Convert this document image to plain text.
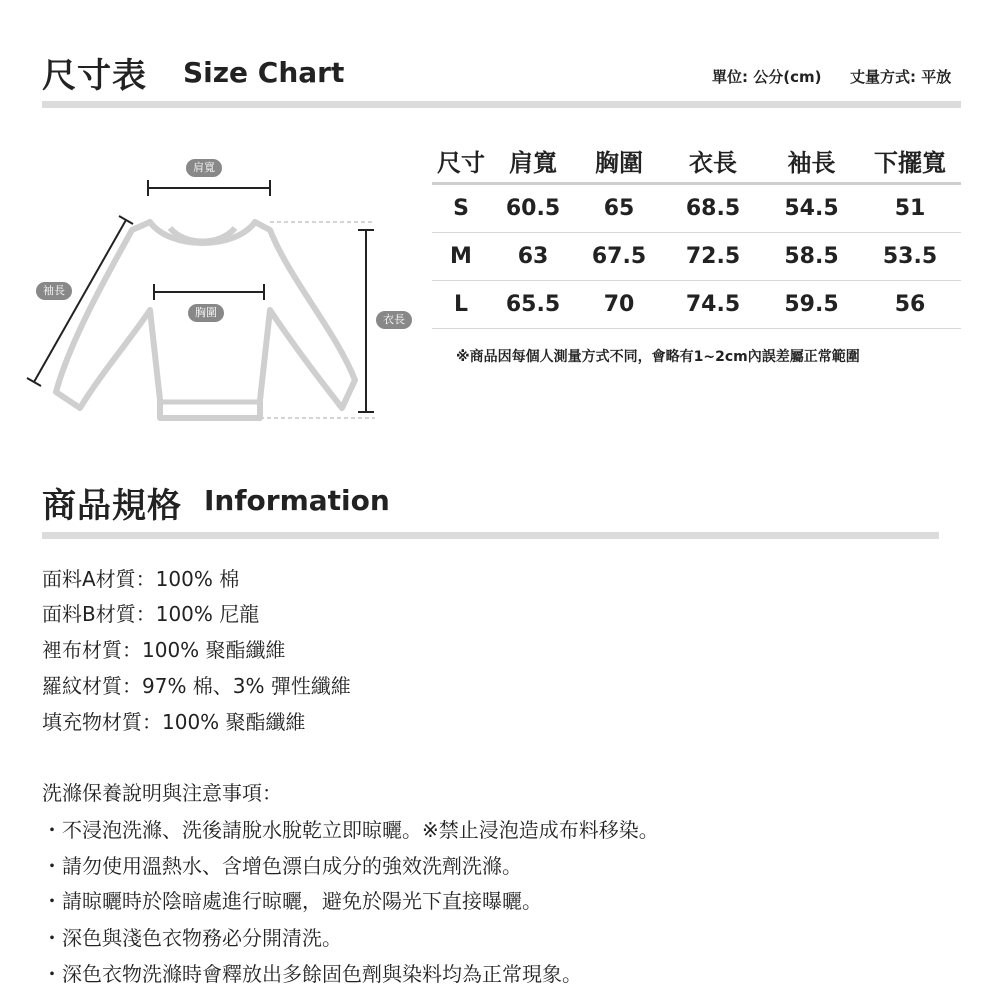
尺寸表 Size Chart	單位: 公分(cm) 丈量方式: 平放
肩寬
胸圍
袖長
衣長
尺寸	肩寬	胸圍	衣長	袖長	下擺寬
S	60.5	65	68.5	54.5	51
M	63	67.5	72.5	58.5	53.5
L	65.5	70	74.5	59.5	56
※商品因每個人測量方式不同，會略有1~2cm內誤差屬正常範圍
商品規格 Information
面料A材質：100% 棉
面料B材質：100% 尼龍
裡布材質：100% 聚酯纖維
羅紋材質：97% 棉、3% 彈性纖維
填充物材質：100% 聚酯纖維
洗滌保養說明與注意事項：
・不浸泡洗滌、洗後請脫水脫乾立即晾曬。※禁止浸泡造成布料移染。
・請勿使用溫熱水、含增色漂白成分的強效洗劑洗滌。
・請晾曬時於陰暗處進行晾曬，避免於陽光下直接曝曬。
・深色與淺色衣物務必分開清洗。
・深色衣物洗滌時會釋放出多餘固色劑與染料均為正常現象。
